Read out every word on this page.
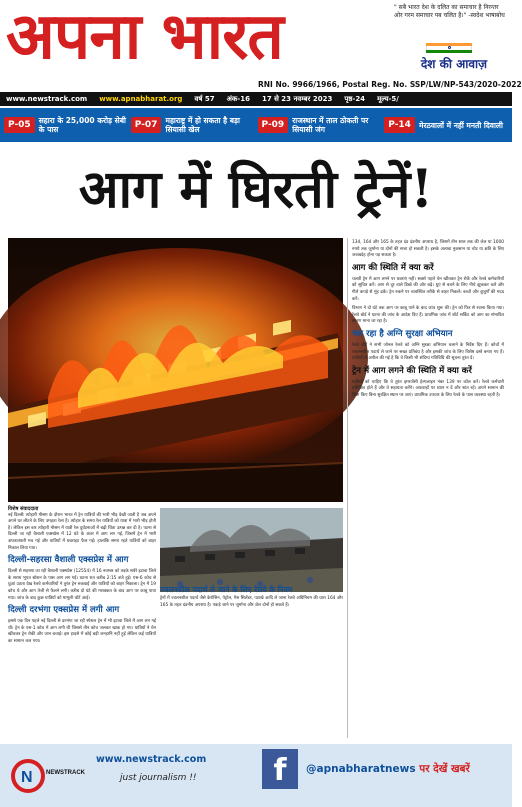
अपना भारत	" सबै भारत देश के दलित का समाचार है निरन्तर ओर गरम समाचार पब चलित है।" -स्वदेश भाषाबोध
देश की आवाज़
RNI No. 9966/1966, Postal Reg. No. SSP/LW/NP-543/2020-2022
www.newstrack.com	www.apnabharat.org	वर्ष 57	अंक-16	17 से 23 नवम्बर 2023	पृष्ठ-24	मूल्य-5/
P-05	सहारा के 25,000 करोड़ सेबी के पास	P-07	महाराष्ट्र में हो सकता है बड़ा सियासी खेल	P-09	राजस्थान में ताल ठोकती पर सियासी जंग	P-14	मेरठवालों में नहीं मनती दिवाली
आग में घिरती ट्रेनें!
विशेष संवाददाता

नई दिल्लीः त्योहारी मौसम के दौरान भारत में ट्रेन यात्रियों की भारी भीड़ देखी जाती है जब अपने अपने घर लौटने के लिए उमड़ता रेला है। त्योहार के समय रेल यात्रियों को यात्रा में भारी भीड़ होती है। लेकिन इस बार त्योहारी मौसम में यात्री रेल दुर्घटनाओं में बढ़ी चिंता उत्पन्न कर दी है। पटना से दिल्ली जा रही वैशाली एक्सप्रेस में 12 घंटे के अंतर में आग लग गई, जिसमें ट्रेन में भारी अफरातफरी मच गई और यात्रियों में घबराहट फैल गई। हालांकि समय रहते यात्रियों को बाहर निकाल लिया गया।

दिल्ली-सहरसा वैशाली एक्सप्रेस में आग

दिल्ली से सहरसा जा रही वैशाली एक्सप्रेस (12554) में 16 नवम्बर को तड़के सवेरे इटावा जिले के सराय भूपत स्टेशन के पास आग लग गई। घटना रात करीब 2:15 बजे हुई। एस-6 कोच से धुआं उठता देख रेलवे कर्मचारियों ने तुरंत ट्रेन रुकवाई और यात्रियों को बाहर निकाला। ट्रेन में 19 कोच थे और आग तेजी से फैलने लगी। करीब दो घंटे की मशक्कत के बाद आग पर काबू पाया गया। जांच के बाद कुछ यात्रियों को मामूली चोटें आई।

दिल्ली दरभंगा एक्सप्रेस में लगी आग

इससे एक दिन पहले नई दिल्ली से दरभंगा जा रही स्पेशल ट्रेन में भी इटावा जिले में आग लग गई थी। ट्रेन के एस-1 कोच में आग लगी थी जिससे तीन कोच जलकर खाक हो गए। यात्रियों ने चेन खींचकर ट्रेन रोकी और जान बचाई। इस हादसे में कोई बड़ी जनहानि नहीं हुई लेकिन कई यात्रियों का सामान जल गया।

ट्रेनों में ज्वलनशील पदार्थ जैसे केरोसिन, पेट्रोल, गैस सिलेंडर, पटाखे आदि ले जाना रेलवे अधिनियम की धारा 164 और 165 के तहत दंडनीय अपराध है। पकड़े जाने पर जुर्माना और जेल दोनों हो सकते हैं।

134, 164 और 165 के तहत दंड दंडनीय अपराध है, जिसमें तीन साल तक की जेल या 1000 रुपये तक जुर्माना या दोनों की सजा हो सकती है। इसके अलावा नुकसान या चोट या क्षति के लिए जवाबदेह होना पड़ सकता है।

आग की स्थिति में क्या करें

चलती ट्रेन में आग लगने पर घबराएं नहीं। सबसे पहले चेन खींचकर ट्रेन रोकें और रेलवे कर्मचारियों को सूचित करें। आग से दूर वाले डिब्बे की ओर बढ़ें। धुएं से बचने के लिए नीचे झुककर चलें और गीले कपड़े से मुंह ढकें। ट्रेन रुकने पर व्यवस्थित तरीके से बाहर निकलें। बच्चों और बुजुर्गों की मदद करें।

विभाग ने दो घंटे तक आग पर काबू पाने के बाद जांच शुरू की। ट्रेन को फिर से रवाना किया गया। रेलवे बोर्ड ने घटना की जांच के आदेश दिए हैं। प्राथमिक जांच में शॉर्ट सर्किट को आग का संभावित कारण माना जा रहा है।

चल रहा है अग्नि सुरक्षा अभियान

रेलवे बोर्ड ने सभी जोनल रेलवे को अग्नि सुरक्षा अभियान चलाने के निर्देश दिए हैं। कोचों में ज्वलनशील पदार्थ ले जाने पर सख्त प्रतिबंध है और इसकी जांच के लिए विशेष दस्ते बनाए गए हैं। यात्रियों से अपील की गई है कि वे किसी भी संदिग्ध गतिविधि की सूचना तुरंत दें।

ट्रेन में आग लगने की स्थिति में क्या करें

यात्रियों को चाहिए कि वे तुरंत इमरजेंसी हेल्पलाइन नंबर 139 पर कॉल करें। रेलवे कर्मचारी प्रशिक्षित होते हैं और वे सहायता करेंगे। अफवाहों पर ध्यान न दें और शांत रहें। अपने सामान की चिंता किए बिना सुरक्षित स्थान पर जाएं। प्राथमिक उपचार के लिए रेलवे के पास व्यवस्था रहती है।

ज्वलनशील पदार्थ ले जाने के लिए रेलवे के नियम
N NEWSTRACK
www.newstrack.com
just journalism !!	f	@apnabharatnews पर देखें खबरें
